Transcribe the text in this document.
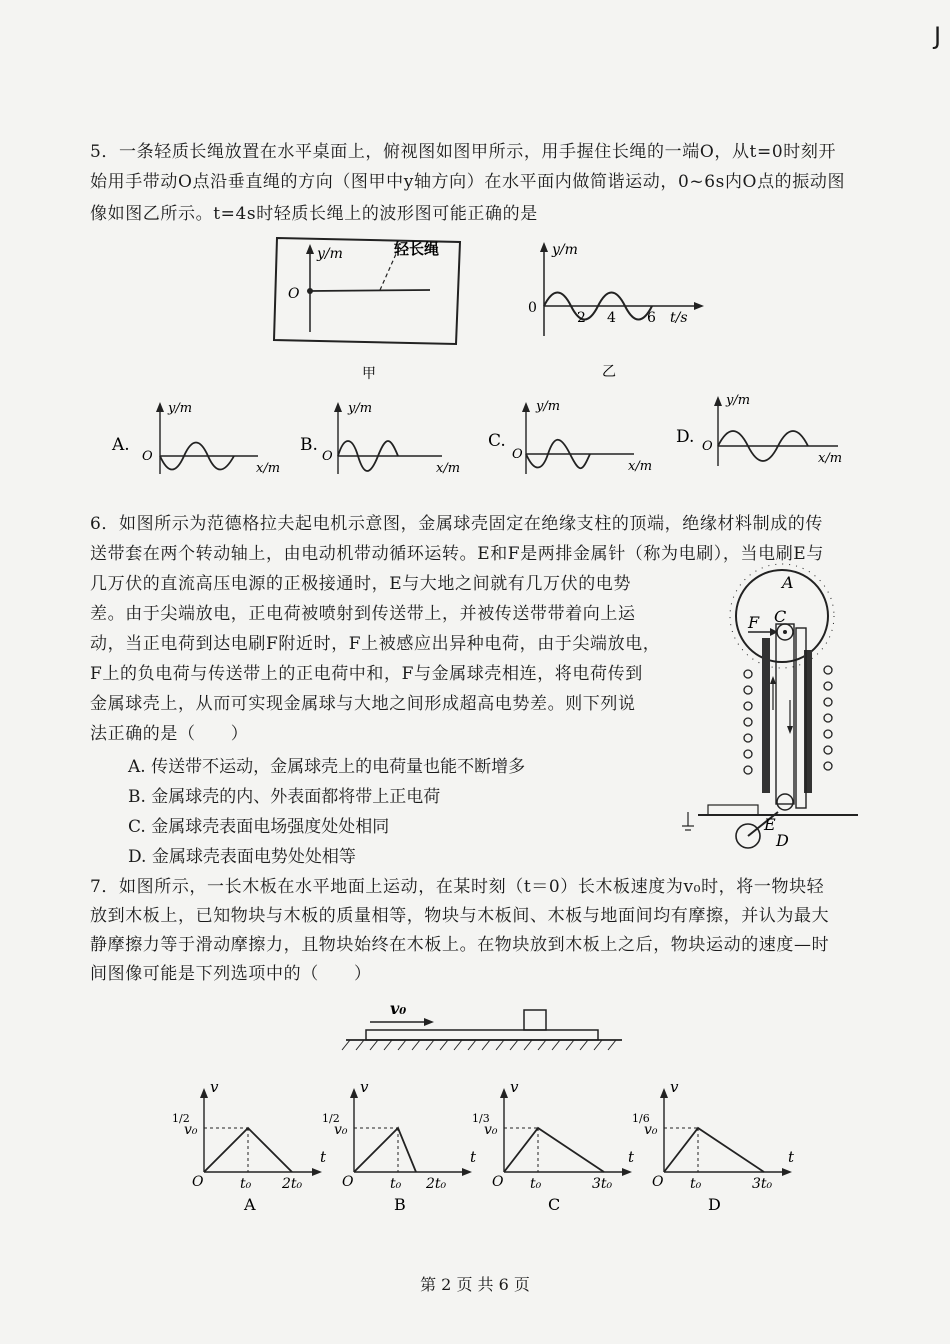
J
5．一条轻质长绳放置在水平桌面上，俯视图如图甲所示，用手握住长绳的一端O，从t=0时刻开
始用手带动O点沿垂直绳的方向（图甲中y轴方向）在水平面内做简谐运动，0~6s内O点的振动图
像如图乙所示。t=4s时轻质长绳上的波形图可能正确的是
y/m
O
轻长绳
甲
y/m
0
2 4 6 t/s
乙
A.
y/m
O
x/m
B.
y/m
O
x/m
C.
y/m
O
x/m
D.
y/m
O
x/m
6．如图所示为范德格拉夫起电机示意图，金属球壳固定在绝缘支柱的顶端，绝缘材料制成的传
送带套在两个转动轴上，由电动机带动循环运转。E和F是两排金属针（称为电刷），当电刷E与
几万伏的直流高压电源的正极接通时，E与大地之间就有几万伏的电势
差。由于尖端放电，正电荷被喷射到传送带上，并被传送带带着向上运
动，当正电荷到达电刷F附近时，F上被感应出异种电荷，由于尖端放电，
F上的负电荷与传送带上的正电荷中和，F与金属球壳相连，将电荷传到
金属球壳上，从而可实现金属球与大地之间形成超高电势差。则下列说
法正确的是（　　）
A. 传送带不运动，金属球壳上的电荷量也能不断增多
B. 金属球壳的内、外表面都将带上正电荷
C. 金属球壳表面电场强度处处相同
D. 金属球壳表面电势处处相等
A
C
F
E
D
7．如图所示，一长木板在水平地面上运动，在某时刻（t＝0）长木板速度为v₀时，将一物块轻
放到木板上，已知物块与木板的质量相等，物块与木板间、木板与地面间均有摩擦，并认为最大
静摩擦力等于滑动摩擦力，且物块始终在木板上。在物块放到木板上之后，物块运动的速度—时
间图像可能是下列选项中的（　　）
v₀
v
1/2
v₀
O	t₀ 2t₀
t
A
v
1/2
v₀
O	t₀ 2t₀
t
B
v
1/3
v₀
O t₀	3t₀
t
C
v
1/6
v₀
O t₀	3t₀
t
D
第 2 页 共 6 页
